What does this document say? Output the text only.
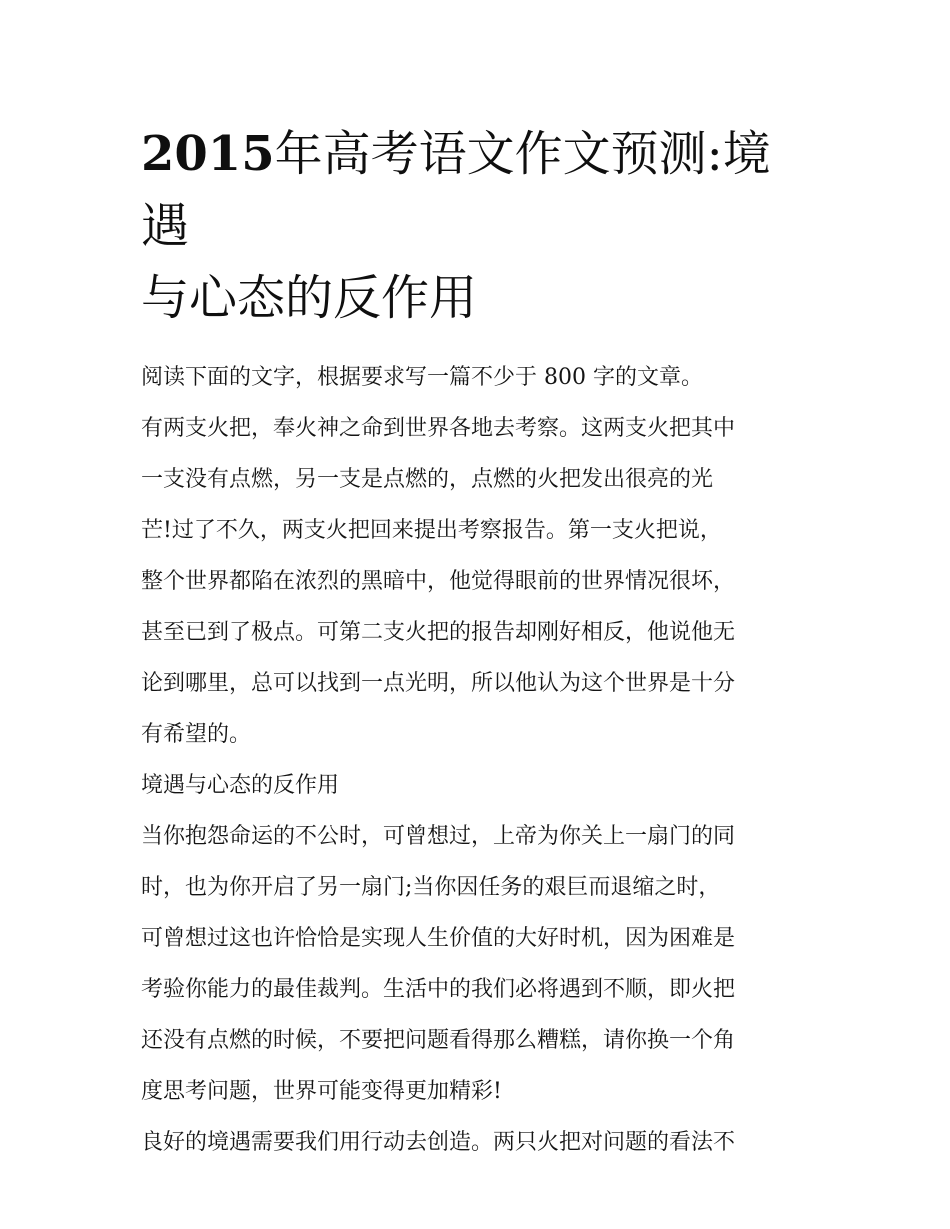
2015年高考语文作文预测:境遇
与心态的反作用
阅读下面的文字，根据要求写一篇不少于 800 字的文章。
有两支火把，奉火神之命到世界各地去考察。这两支火把其中
一支没有点燃，另一支是点燃的，点燃的火把发出很亮的光
芒!过了不久，两支火把回来提出考察报告。第一支火把说，
整个世界都陷在浓烈的黑暗中，他觉得眼前的世界情况很坏，
甚至已到了极点。可第二支火把的报告却刚好相反，他说他无
论到哪里，总可以找到一点光明，所以他认为这个世界是十分
有希望的。
境遇与心态的反作用
当你抱怨命运的不公时，可曾想过，上帝为你关上一扇门的同
时，也为你开启了另一扇门;当你因任务的艰巨而退缩之时，
可曾想过这也许恰恰是实现人生价值的大好时机，因为困难是
考验你能力的最佳裁判。生活中的我们必将遇到不顺，即火把
还没有点燃的时候，不要把问题看得那么糟糕，请你换一个角
度思考问题，世界可能变得更加精彩!
良好的境遇需要我们用行动去创造。两只火把对问题的看法不
